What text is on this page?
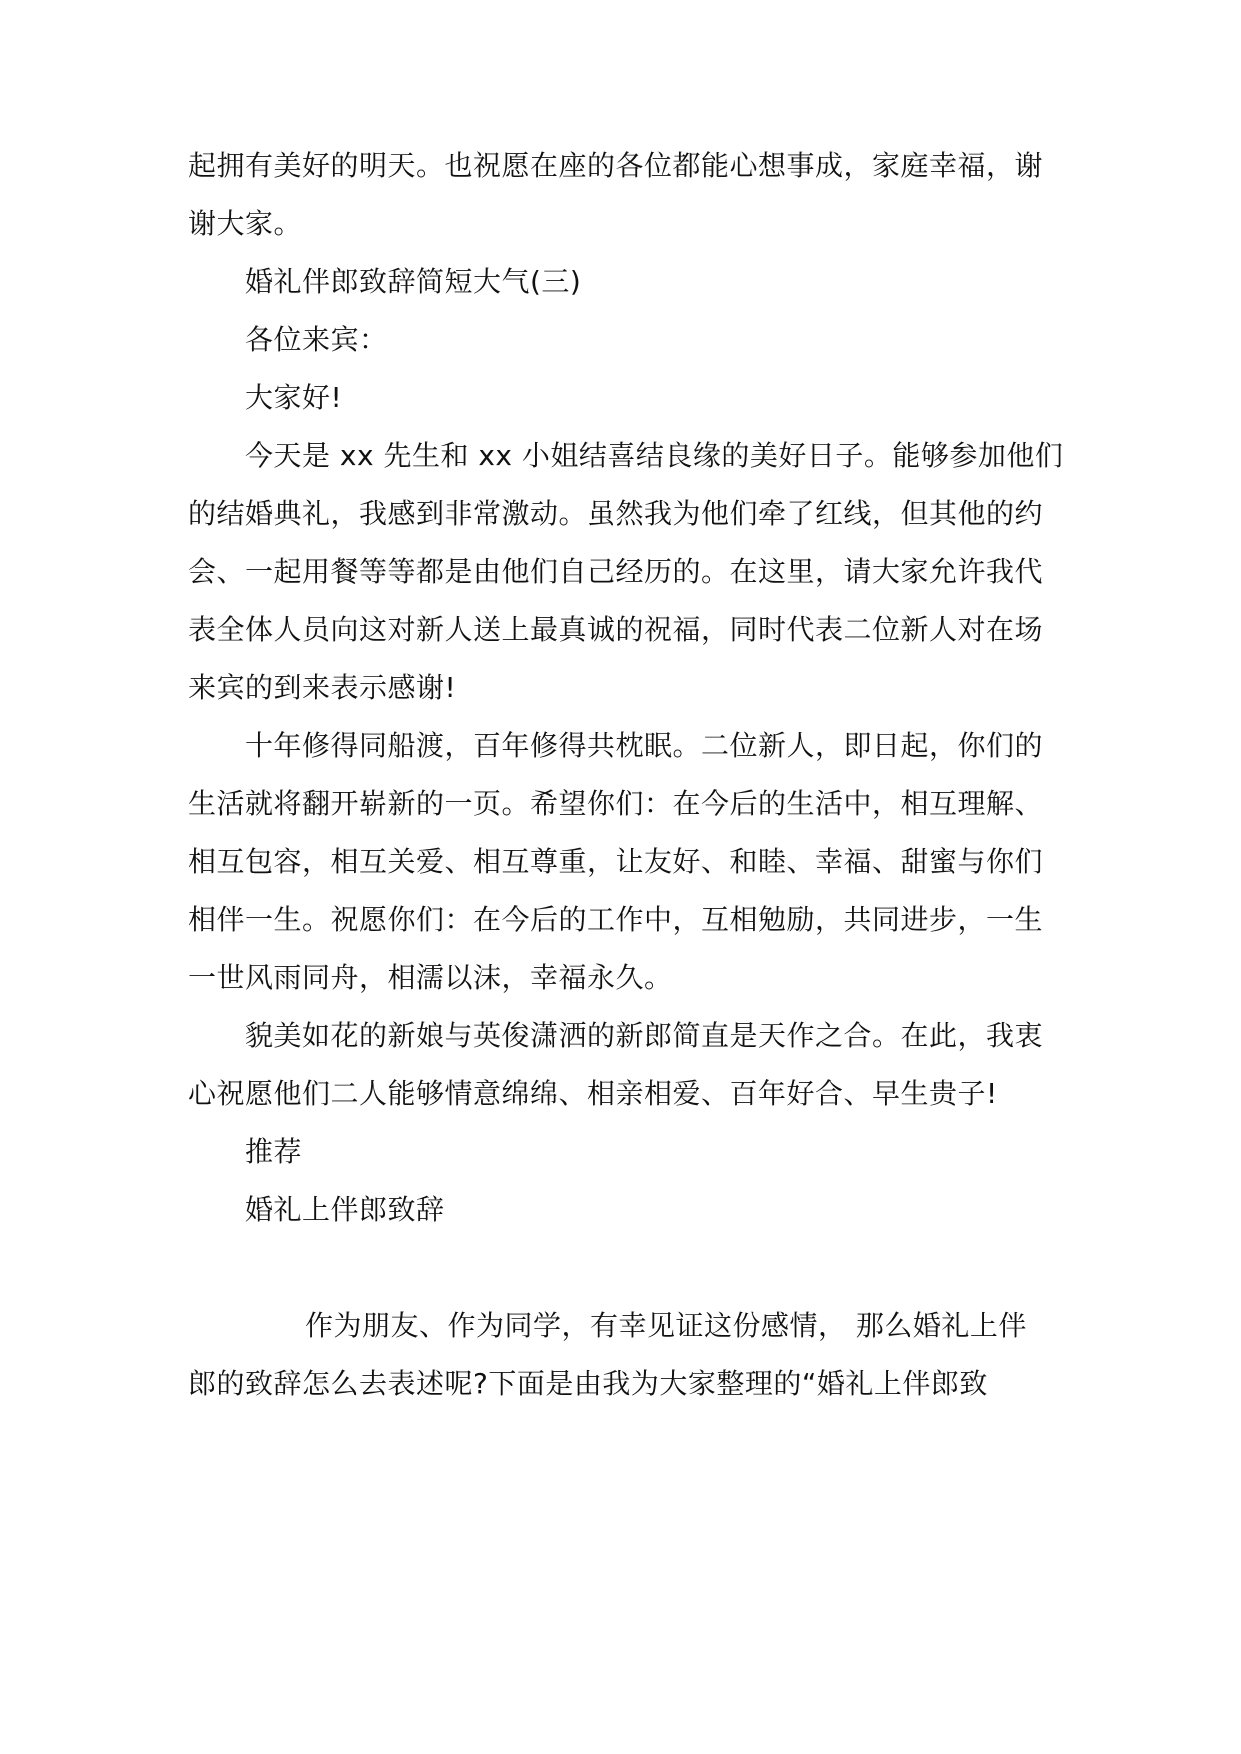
起拥有美好的明天。也祝愿在座的各位都能心想事成，家庭幸福，谢
谢大家。
婚礼伴郎致辞简短大气(三)
各位来宾：
大家好!
今天是 xx 先生和 xx 小姐结喜结良缘的美好日子。能够参加他们
的结婚典礼，我感到非常激动。虽然我为他们牵了红线，但其他的约
会、一起用餐等等都是由他们自己经历的。在这里，请大家允许我代
表全体人员向这对新人送上最真诚的祝福，同时代表二位新人对在场
来宾的到来表示感谢!
十年修得同船渡，百年修得共枕眠。二位新人，即日起，你们的
生活就将翻开崭新的一页。希望你们：在今后的生活中，相互理解、
相互包容，相互关爱、相互尊重，让友好、和睦、幸福、甜蜜与你们
相伴一生。祝愿你们：在今后的工作中，互相勉励，共同进步，一生
一世风雨同舟，相濡以沫，幸福永久。
貌美如花的新娘与英俊潇洒的新郎简直是天作之合。在此，我衷
心祝愿他们二人能够情意绵绵、相亲相爱、百年好合、早生贵子!
推荐
婚礼上伴郎致辞
作为朋友、作为同学，有幸见证这份感情， 那么婚礼上伴
郎的致辞怎么去表述呢?下面是由我为大家整理的“婚礼上伴郎致
